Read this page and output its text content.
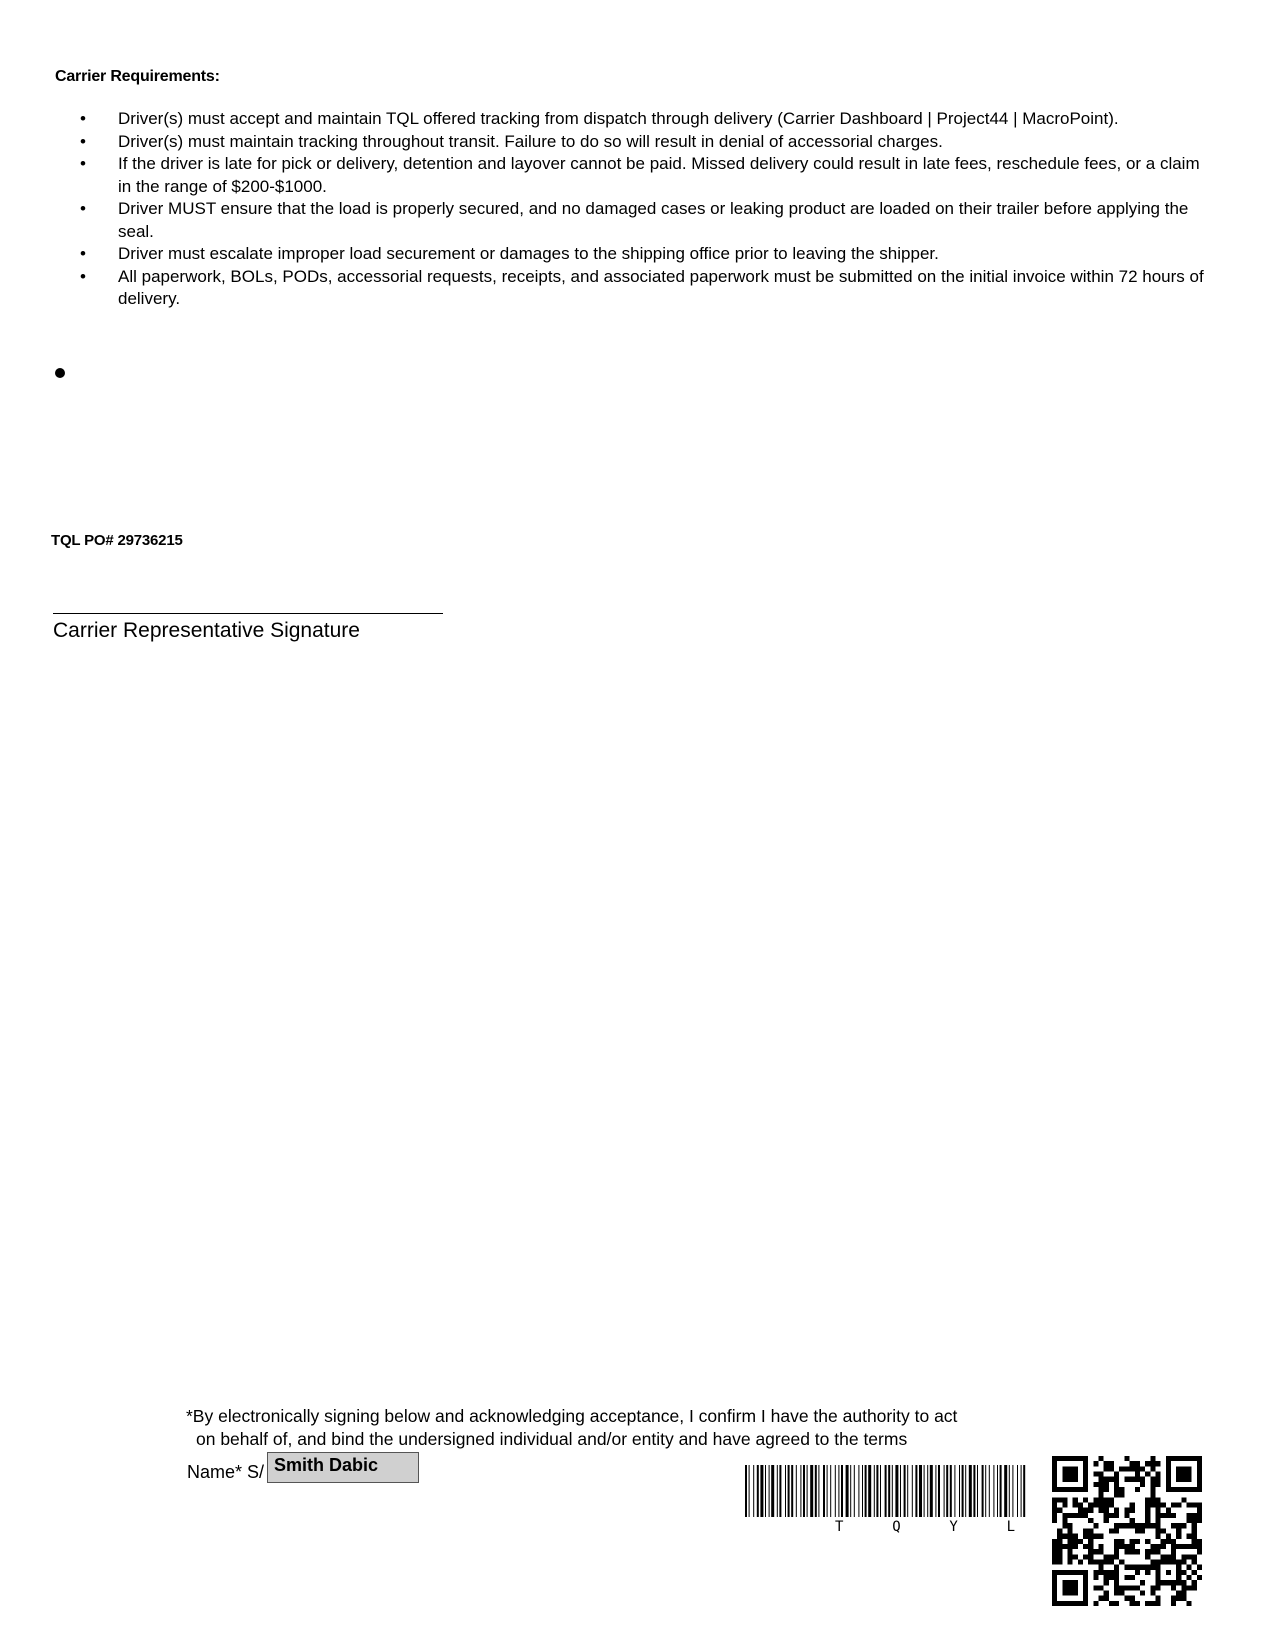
Carrier Requirements:
• Driver(s) must accept and maintain TQL offered tracking from dispatch through delivery (Carrier Dashboard | Project44 | MacroPoint).
• Driver(s) must maintain tracking throughout transit. Failure to do so will result in denial of accessorial charges.
• If the driver is late for pick or delivery, detention and layover cannot be paid. Missed delivery could result in late fees, reschedule fees, or a claim in the range of $200-$1000.
• Driver MUST ensure that the load is properly secured, and no damaged cases or leaking product are loaded on their trailer before applying the seal.
• Driver must escalate improper load securement or damages to the shipping office prior to leaving the shipper.
• All paperwork, BOLs, PODs, accessorial requests, receipts, and associated paperwork must be submitted on the initial invoice within 72 hours of delivery.
TQL PO# 29736215
Carrier Representative Signature
*By electronically signing below and acknowledging acceptance, I confirm I have the authority to act
on behalf of, and bind the undersigned individual and/or entity and have agreed to the terms
Name* S/ Smith Dabic
T	Q	Y	L
